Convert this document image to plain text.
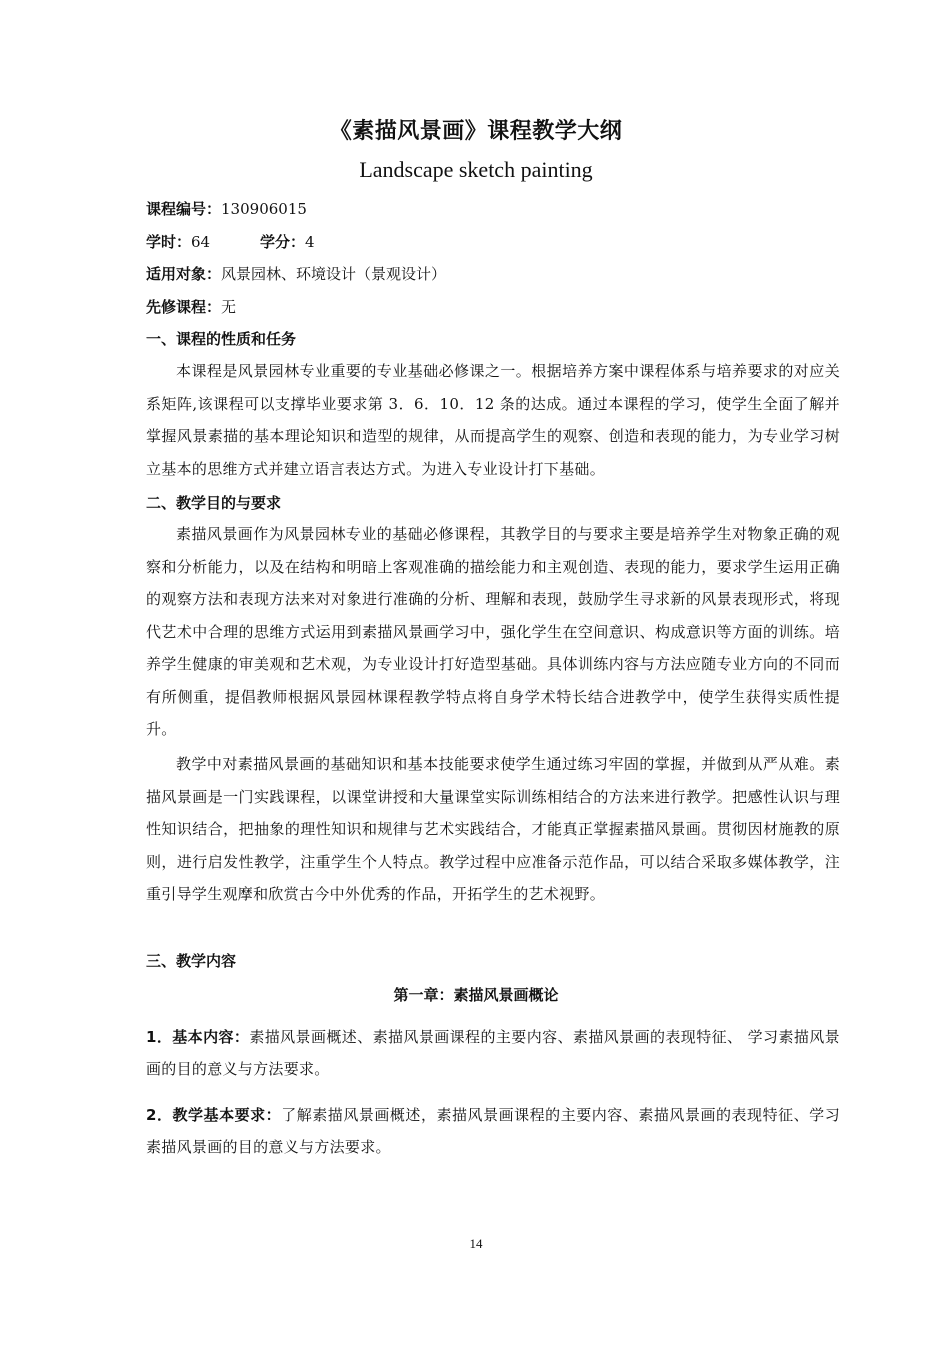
《素描风景画》课程教学大纲
Landscape sketch painting
课程编号：130906015
学时：64	学分：4
适用对象：风景园林、环境设计（景观设计）
先修课程：无
一、课程的性质和任务
本课程是风景园林专业重要的专业基础必修课之一。根据培养方案中课程体系与培养要求的对应关系矩阵,该课程可以支撑毕业要求第 3．6．10．12 条的达成。通过本课程的学习，使学生全面了解并掌握风景素描的基本理论知识和造型的规律，从而提高学生的观察、创造和表现的能力，为专业学习树立基本的思维方式并建立语言表达方式。为进入专业设计打下基础。
二、教学目的与要求
素描风景画作为风景园林专业的基础必修课程，其教学目的与要求主要是培养学生对物象正确的观察和分析能力，以及在结构和明暗上客观准确的描绘能力和主观创造、表现的能力，要求学生运用正确的观察方法和表现方法来对对象进行准确的分析、理解和表现，鼓励学生寻求新的风景表现形式，将现代艺术中合理的思维方式运用到素描风景画学习中，强化学生在空间意识、构成意识等方面的训练。培养学生健康的审美观和艺术观，为专业设计打好造型基础。具体训练内容与方法应随专业方向的不同而有所侧重，提倡教师根据风景园林课程教学特点将自身学术特长结合进教学中，使学生获得实质性提升。
教学中对素描风景画的基础知识和基本技能要求使学生通过练习牢固的掌握，并做到从严从难。素描风景画是一门实践课程，以课堂讲授和大量课堂实际训练相结合的方法来进行教学。把感性认识与理性知识结合，把抽象的理性知识和规律与艺术实践结合，才能真正掌握素描风景画。贯彻因材施教的原则，进行启发性教学，注重学生个人特点。教学过程中应准备示范作品，可以结合采取多媒体教学，注重引导学生观摩和欣赏古今中外优秀的作品，开拓学生的艺术视野。
三、教学内容
第一章：素描风景画概论
1．基本内容：素描风景画概述、素描风景画课程的主要内容、素描风景画的表现特征、 学习素描风景画的目的意义与方法要求。
2．教学基本要求：了解素描风景画概述，素描风景画课程的主要内容、素描风景画的表现特征、学习素描风景画的目的意义与方法要求。
14
